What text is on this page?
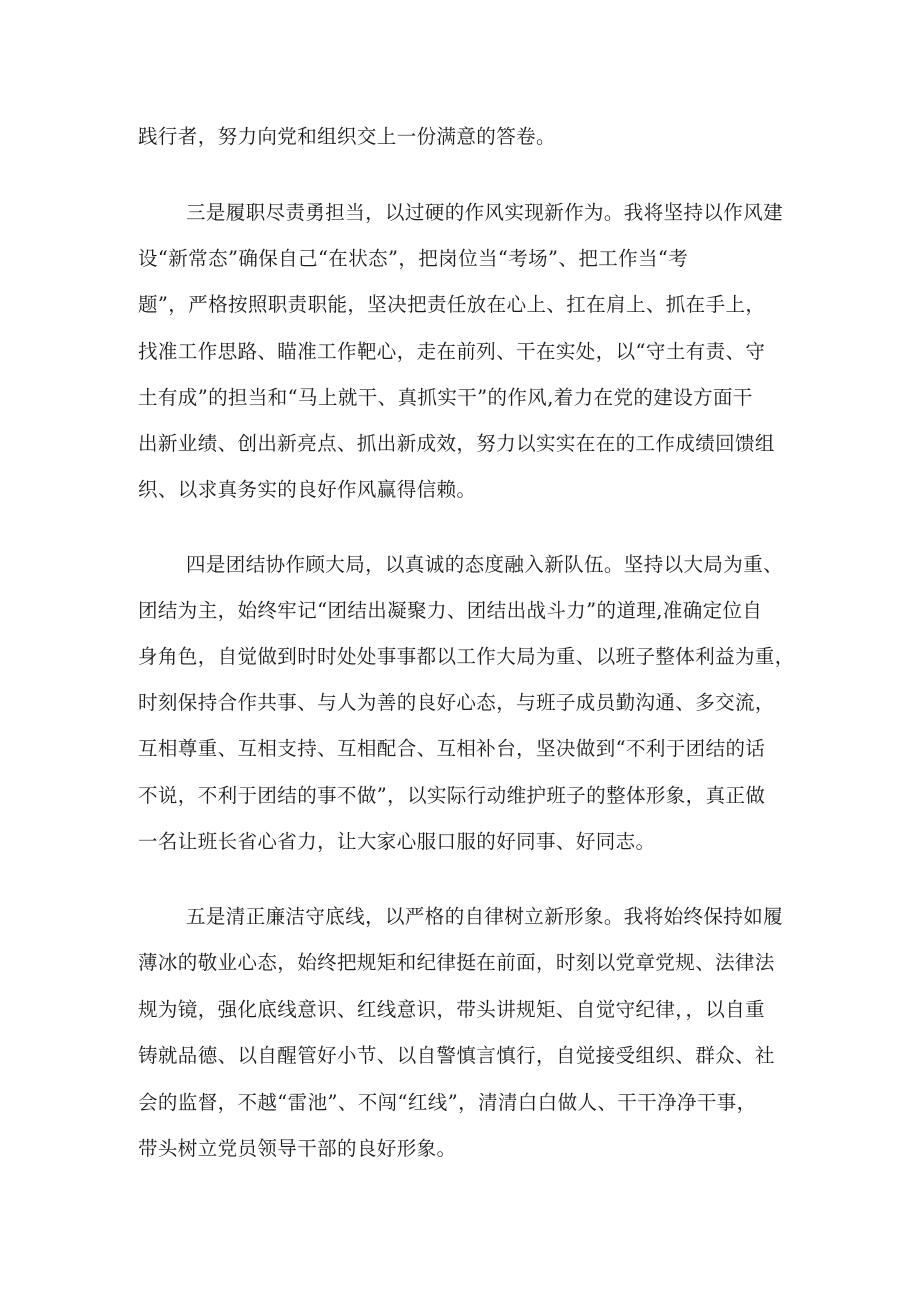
践行者，努力向党和组织交上一份满意的答卷。
三是履职尽责勇担当，以过硬的作风实现新作为。我将坚持以作风建
设“新常态”确保自己“在状态”，把岗位当“考场”、把工作当“考
题”，严格按照职责职能，坚决把责任放在心上、扛在肩上、抓在手上，
找准工作思路、瞄准工作靶心，走在前列、干在实处，以“守土有责、守
土有成”的担当和“马上就干、真抓实干”的作风,着力在党的建设方面干
出新业绩、创出新亮点、抓出新成效，努力以实实在在的工作成绩回馈组
织、以求真务实的良好作风赢得信赖。
四是团结协作顾大局，以真诚的态度融入新队伍。坚持以大局为重、
团结为主，始终牢记“团结出凝聚力、团结出战斗力”的道理,准确定位自
身角色，自觉做到时时处处事事都以工作大局为重、以班子整体利益为重，
时刻保持合作共事、与人为善的良好心态，与班子成员勤沟通、多交流，
互相尊重、互相支持、互相配合、互相补台，坚决做到“不利于团结的话
不说，不利于团结的事不做”，以实际行动维护班子的整体形象，真正做
一名让班长省心省力，让大家心服口服的好同事、好同志。
五是清正廉洁守底线，以严格的自律树立新形象。我将始终保持如履
薄冰的敬业心态，始终把规矩和纪律挺在前面，时刻以党章党规、法律法
规为镜，强化底线意识、红线意识，带头讲规矩、自觉守纪律，，以自重
铸就品德、以自醒管好小节、以自警慎言慎行，自觉接受组织、群众、社
会的监督，不越“雷池”、不闯“红线”，清清白白做人、干干净净干事，
带头树立党员领导干部的良好形象。
